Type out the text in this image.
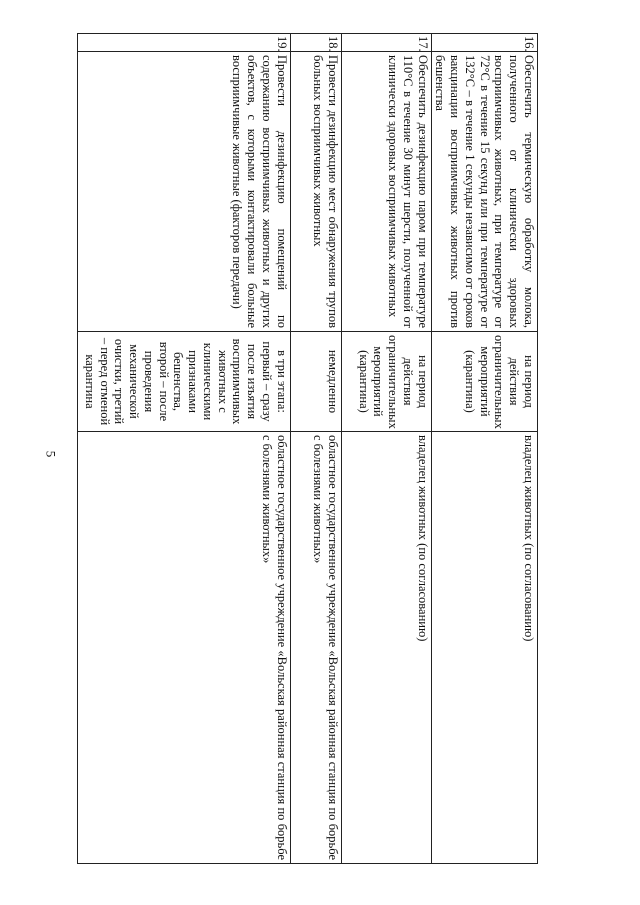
5
16.	Обеспечить термическую обработку молока, полученного от клинически здоровых восприимчивых животных, при температуре от 72°C в течение 15 секунд или при температуре от 132°C – в течение 1 секунды независимо от сроков вакцинации восприимчивых животных против бешенства	на период действия ограничительных мероприятий (карантина)	владелец животных (по согласованию)
17.	Обеспечить дезинфекцию паром при температуре 110°C в течение 30 минут шерсти, полученной от клинически здоровых восприимчивых животных	на период действия ограничительных мероприятий (карантина)	владелец животных (по согласованию)
18.	Провести дезинфекцию мест обнаружения трупов больных восприимчивых животных	немедленно	областное государственное учреждение «Вольская районная станция по борьбе с болезнями животных»
19.	Провести дезинфекцию помещений по содержанию восприимчивых животных и других объектов, с которыми контактировали больные восприимчивые животные (факторов передачи)	в три этапа: первый – сразу после изъятия восприимчивых животных с клиническими признаками бешенства, второй – после проведения механической очистки, третий – перед отменой карантина	областное государственное учреждение «Вольская районная станция по борьбе с болезнями животных»
